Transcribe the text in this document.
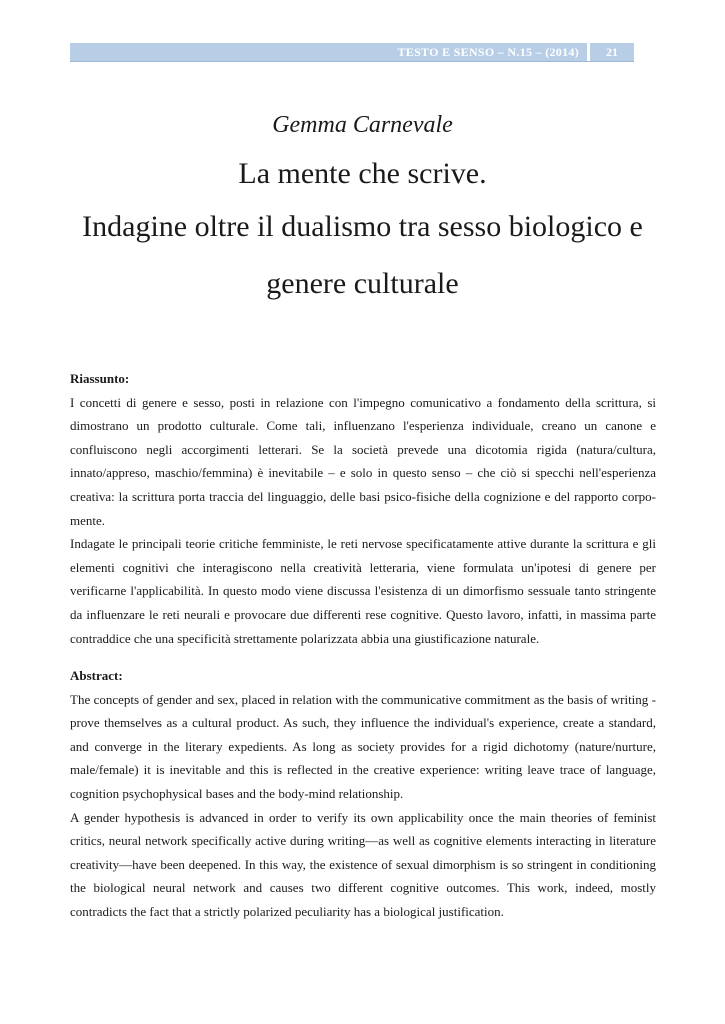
TESTO E SENSO – N.15 – (2014) 21
Gemma Carnevale
La mente che scrive.
Indagine oltre il dualismo tra sesso biologico e
genere culturale

Riassunto:

I concetti di genere e sesso, posti in relazione con l'impegno comunicativo a fondamento della scrittura, si dimostrano un prodotto culturale. Come tali, influenzano l'esperienza individuale, creano un canone e confluiscono negli accorgimenti letterari. Se la società prevede una dicotomia rigida (natura/cultura, innato/appreso, maschio/femmina) è inevitabile – e solo in questo senso – che ciò si specchi nell'esperienza creativa: la scrittura porta traccia del linguaggio, delle basi psico-fisiche della cognizione e del rapporto corpo-mente.

Indagate le principali teorie critiche femministe, le reti nervose specificatamente attive durante la scrittura e gli elementi cognitivi che interagiscono nella creatività letteraria, viene formulata un'ipotesi di genere per verificarne l'applicabilità. In questo modo viene discussa l'esistenza di un dimorfismo sessuale tanto stringente da influenzare le reti neurali e provocare due differenti rese cognitive. Questo lavoro, infatti, in massima parte contraddice che una specificità strettamente polarizzata abbia una giustificazione naturale.

Abstract:

The concepts of gender and sex, placed in relation with the communicative commitment as the basis of writing - prove themselves as a cultural product. As such, they influence the individual's experience, create a standard, and converge in the literary expedients. As long as society provides for a rigid dichotomy (nature/nurture, male/female) it is inevitable and this is reflected in the creative experience: writing leave trace of language, cognition psychophysical bases and the body-mind relationship.

A gender hypothesis is advanced in order to verify its own applicability once the main theories of feminist critics, neural network specifically active during writing—as well as cognitive elements interacting in literature creativity—have been deepened. In this way, the existence of sexual dimorphism is so stringent in conditioning the biological neural network and causes two different cognitive outcomes. This work, indeed, mostly contradicts the fact that a strictly polarized peculiarity has a biological justification.
